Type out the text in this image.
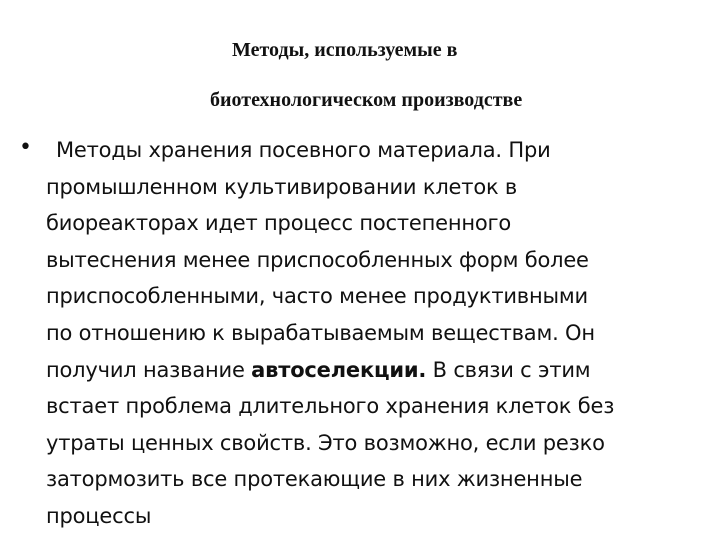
Методы, используемые в
биотехнологическом производстве
•	Методы хранения посевного материала. При
промышленном культивировании клеток в
биореакторах идет процесс постепенного
вытеснения менее приспособленных форм более
приспособленными, часто менее продуктивными
по отношению к вырабатываемым веществам. Он
получил название автоселекции. В связи с этим
встает проблема длительного хранения клеток без
утраты ценных свойств. Это возможно, если резко
затормозить все протекающие в них жизненные
процессы
